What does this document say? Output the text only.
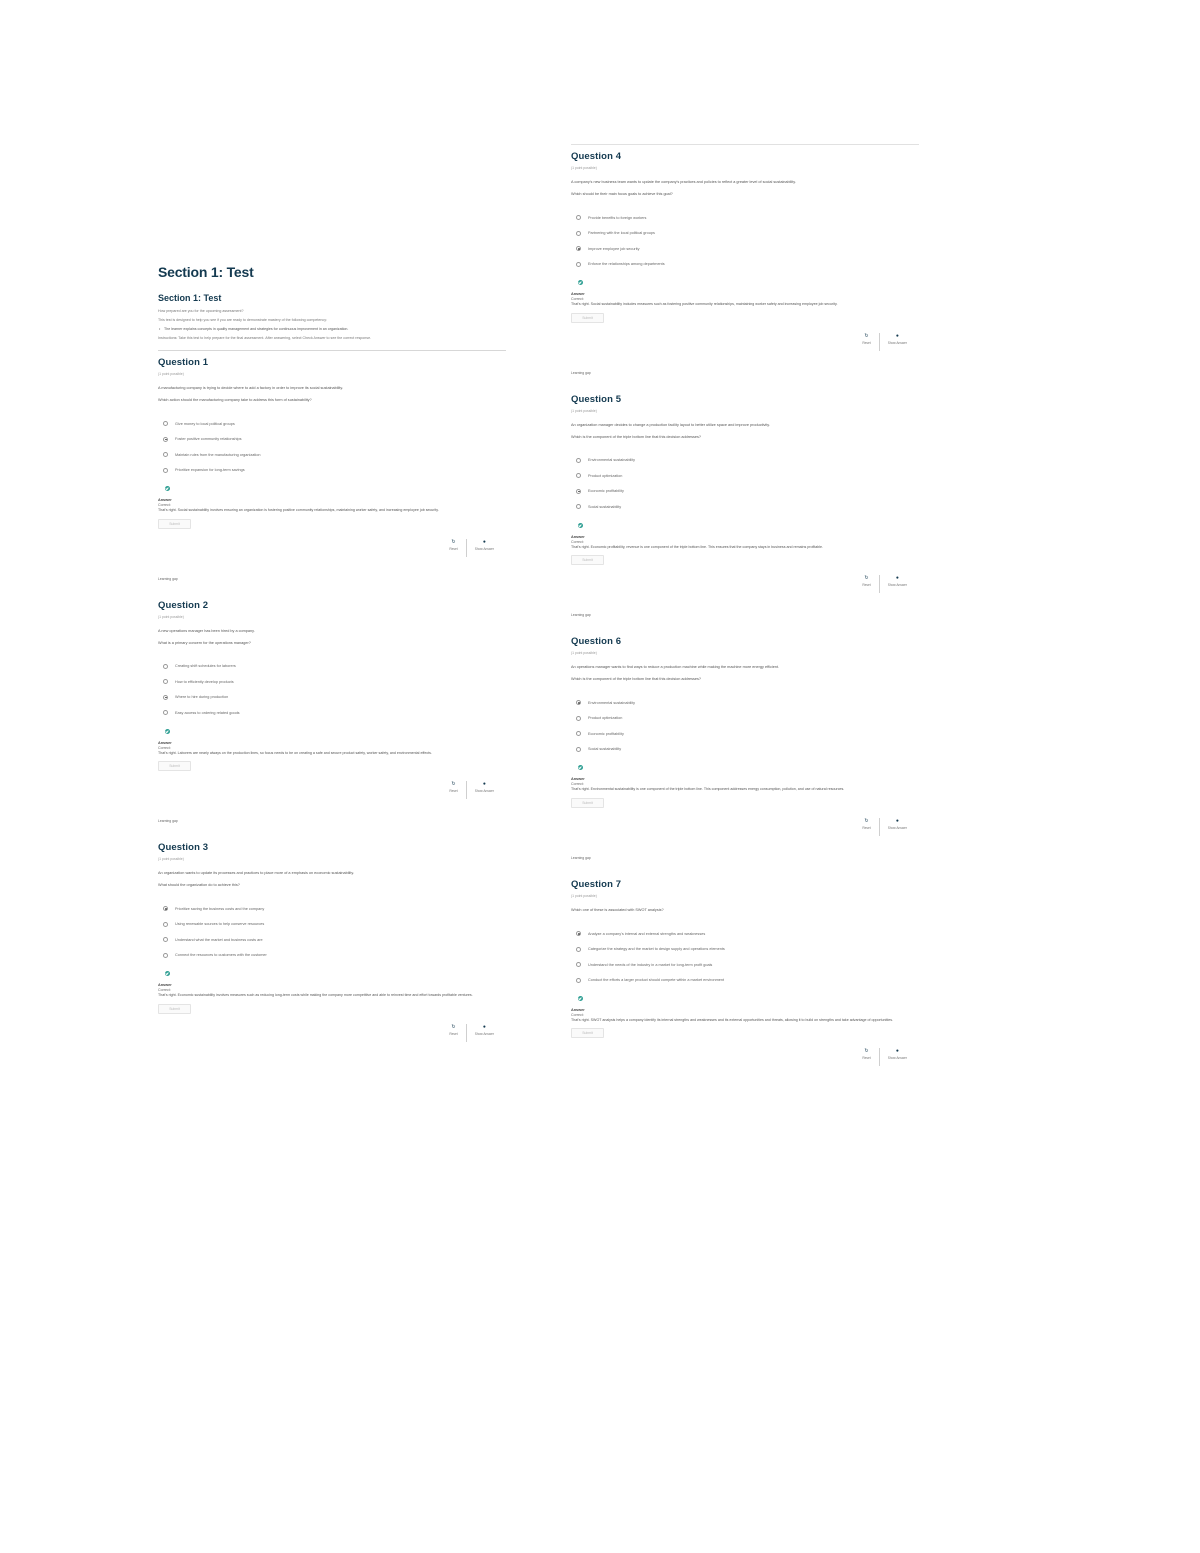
Section 1: Test
Section 1: Test

How prepared are you for the upcoming assessment?

This test is designed to help you see if you are ready to demonstrate mastery of the following competency:

• The learner explains concepts in quality management and strategies for continuous improvement in an organization.

Instructions: Take this test to help prepare for the final assessment. After answering, select Check Answer to see the correct response.

Question 1
(1 point possible)

A manufacturing company is trying to decide where to add a factory in order to improve its social sustainability.

Which action should the manufacturing company take to address this form of sustainability?

Give money to local political groups
Foster positive community relationships
Maintain rules from the manufacturing organization
Prioritize expansion for long-term savings
Answer
Correct:

That's right. Social sustainability involves ensuring an organization is fostering positive community relationships, maintaining worker safety, and increasing employee job security.

Submit
↻
Reset
●
Show Answer
Learning gap
Question 2
(1 point possible)

A new operations manager has been hired by a company.

What is a primary concern for the operations manager?

Creating shift schedules for laborers
How to efficiently develop products
Where to hire during production
Easy access to ordering related goods
Answer
Correct:

That's right. Laborers are nearly always on the production lines, so focus needs to be on creating a safe and secure product safety, worker safety, and environmental effects.

Submit
↻
Reset
●
Show Answer
Learning gap
Question 3
(1 point possible)

An organization wants to update its processes and practices to place more of a emphasis on economic sustainability.

What should the organization do to achieve this?

Prioritize saving the business costs and the company
Using renewable sources to help conserve resources
Understand what the market and business costs are
Connect the resources to customers with the customer
Answer
Correct:

That's right. Economic sustainability involves measures such as reducing long-term costs while making the company more competitive and able to reinvest time and effort towards profitable ventures.

Submit
↻
Reset
●
Show Answer
Question 4
(1 point possible)

A company's new business team wants to update the company's practices and policies to reflect a greater level of social sustainability.

Which should be their main focus goals to achieve this goal?

Provide benefits to foreign workers
Partnering with the local political groups
Improve employee job security
Enforce the relationships among departments
Answer
Correct:

That's right. Social sustainability includes measures such as fostering positive community relationships, maintaining worker safety and increasing employee job security.

Submit
↻
Reset
●
Show Answer
Learning gap
Question 5
(1 point possible)

An organization manager decides to change a production facility layout to better utilize space and improve productivity.

Which is the component of the triple bottom line that this decision addresses?

Environmental sustainability
Product optimization
Economic profitability
Social sustainability
Answer
Correct:

That's right. Economic profitability, revenue is one component of the triple bottom line. This ensures that the company stays in business and remains profitable.

Submit
↻
Reset
●
Show Answer
Learning gap
Question 6
(1 point possible)

An operations manager wants to find ways to reduce a production machine while making the machine more energy efficient.

Which is the component of the triple bottom line that this decision addresses?

Environmental sustainability
Product optimization
Economic profitability
Social sustainability
Answer
Correct:

That's right. Environmental sustainability is one component of the triple bottom line. This component addresses energy consumption, pollution, and use of natural resources.

Submit
↻
Reset
●
Show Answer
Learning gap
Question 7
(1 point possible)

Which one of these is associated with SWOT analysis?

Analyze a company's internal and external strengths and weaknesses
Categorize the strategy and the market to design supply and operations elements
Understand the needs of the industry in a market for long-term profit goals
Conduct the efforts a larger product should compete within a market environment
Answer
Correct:

That's right. SWOT analysis helps a company identify its internal strengths and weaknesses and its external opportunities and threats, allowing it to build on strengths and take advantage of opportunities.

Submit
↻
Reset
●
Show Answer
